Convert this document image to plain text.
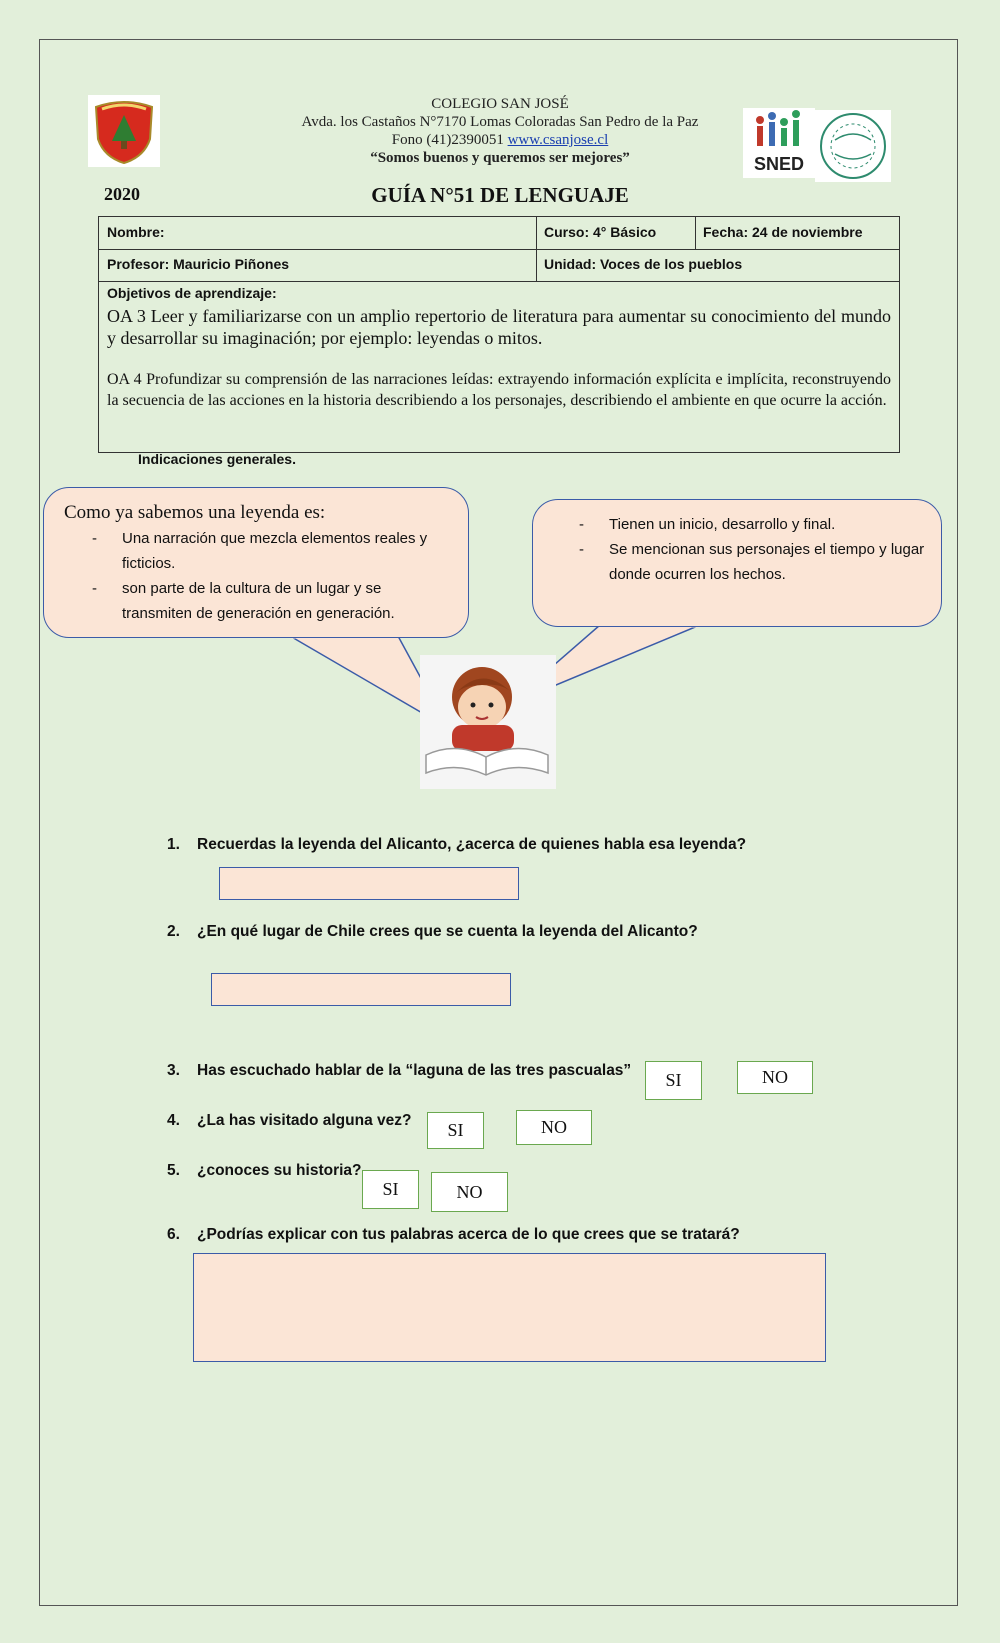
COLEGIO SAN JOSÉ
Avda. los Castaños N°7170 Lomas Coloradas San Pedro de la Paz
Fono (41)2390051 www.csanjose.cl
“Somos buenos y queremos ser mejores”	SNED
2020	GUÍA N°51 DE LENGUAJE
Nombre:	Curso: 4° Básico	Fecha: 24 de noviembre
Profesor: Mauricio Piñones	Unidad: Voces de los pueblos
Objetivos de aprendizaje:
OA 3 Leer y familiarizarse con un amplio repertorio de literatura para aumentar su conocimiento del mundo y desarrollar su imaginación; por ejemplo: leyendas o mitos.
OA 4 Profundizar su comprensión de las narraciones leídas: extrayendo información explícita e implícita, reconstruyendo la secuencia de las acciones en la historia describiendo a los personajes, describiendo el ambiente en que ocurre la acción.
Indicaciones generales.
Como ya sabemos una leyenda es:
- Una narración que mezcla elementos reales y ficticios.
- son parte de la cultura de un lugar y se transmiten de generación en generación.
- Tienen un inicio, desarrollo y final.
- Se mencionan sus personajes el tiempo y lugar donde ocurren los hechos.
1. Recuerdas la leyenda del Alicanto, ¿acerca de quienes habla esa leyenda?
2. ¿En qué lugar de Chile crees que se cuenta la leyenda del Alicanto?
3. Has escuchado hablar de la “laguna de las tres pascualas”	SI	NO
4. ¿La has visitado alguna vez?	SI	NO
5. ¿conoces su historia?
SI	NO
6. ¿Podrías explicar con tus palabras acerca de lo que crees que se tratará?
